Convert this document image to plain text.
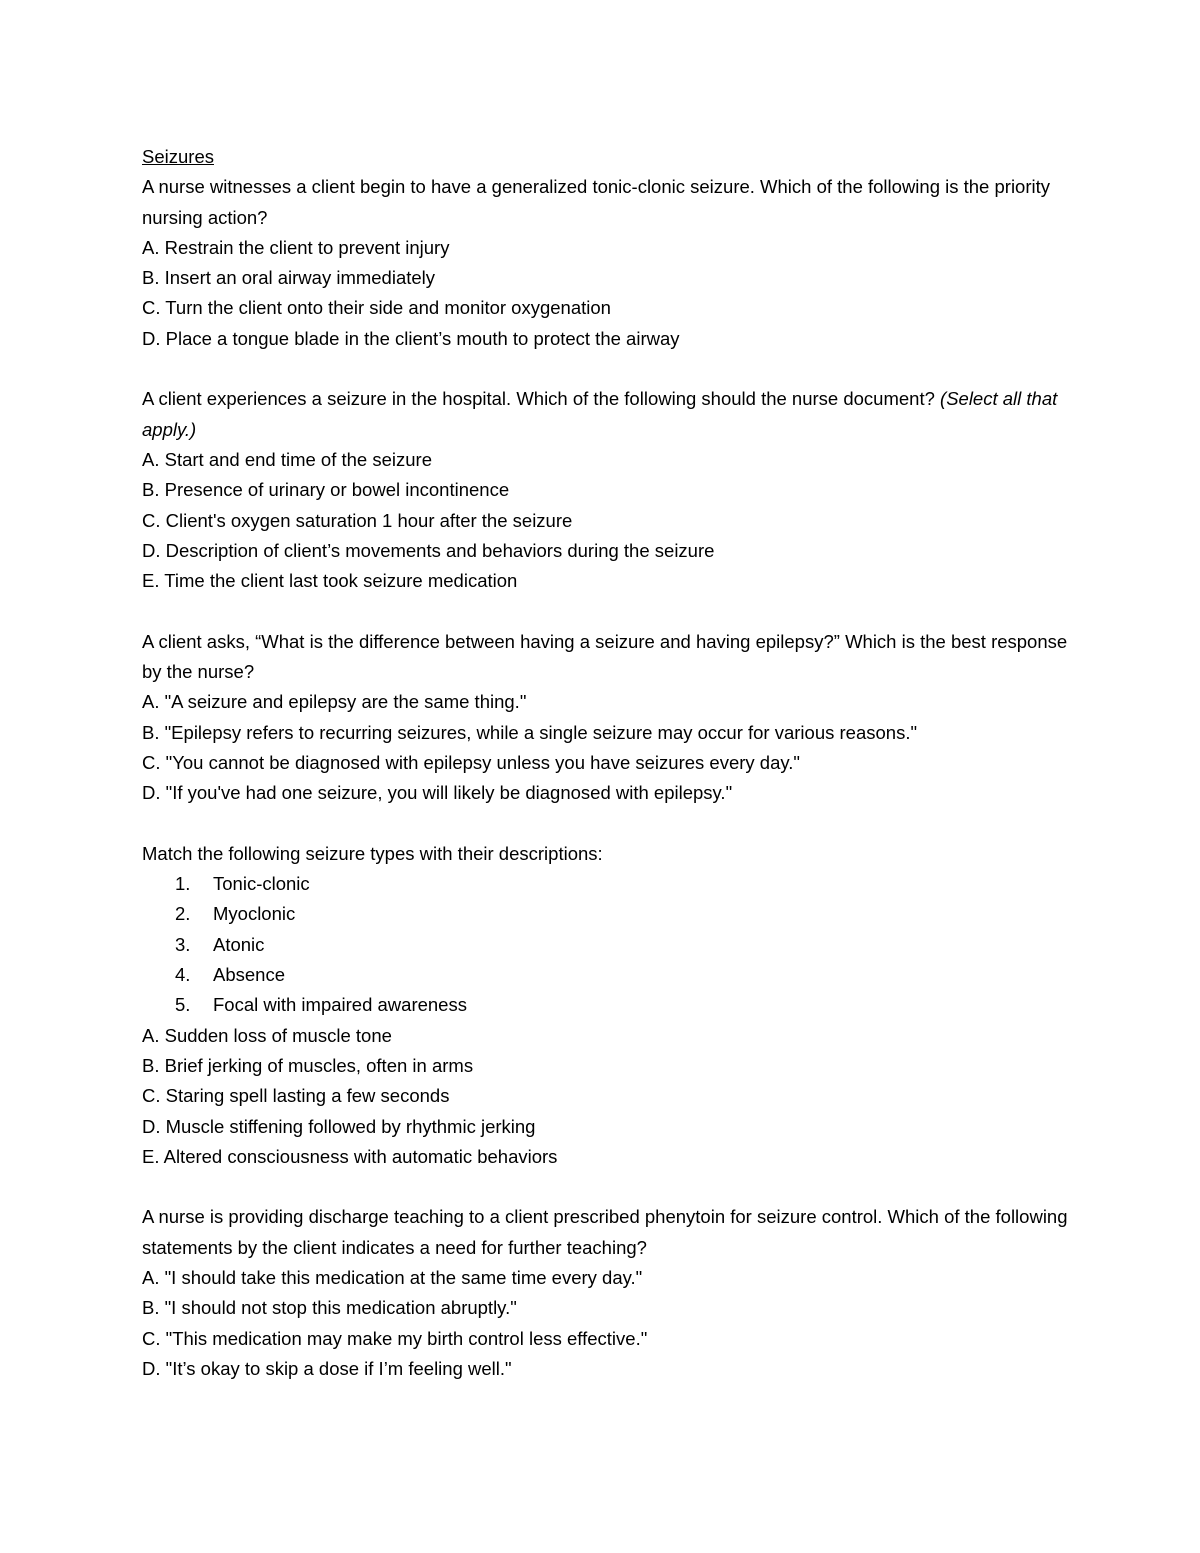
Seizures
A nurse witnesses a client begin to have a generalized tonic-clonic seizure. Which of the following is the priority nursing action?
A. Restrain the client to prevent injury
B. Insert an oral airway immediately
C. Turn the client onto their side and monitor oxygenation
D. Place a tongue blade in the client’s mouth to protect the airway
A client experiences a seizure in the hospital. Which of the following should the nurse document? (Select all that apply.)
A. Start and end time of the seizure
B. Presence of urinary or bowel incontinence
C. Client's oxygen saturation 1 hour after the seizure
D. Description of client’s movements and behaviors during the seizure
E. Time the client last took seizure medication
A client asks, “What is the difference between having a seizure and having epilepsy?” Which is the best response by the nurse?
A. "A seizure and epilepsy are the same thing."
B. "Epilepsy refers to recurring seizures, while a single seizure may occur for various reasons."
C. "You cannot be diagnosed with epilepsy unless you have seizures every day."
D. "If you've had one seizure, you will likely be diagnosed with epilepsy."
Match the following seizure types with their descriptions:
1.	Tonic-clonic
2.	Myoclonic
3.	Atonic
4.	Absence
5.	Focal with impaired awareness
A. Sudden loss of muscle tone
B. Brief jerking of muscles, often in arms
C. Staring spell lasting a few seconds
D. Muscle stiffening followed by rhythmic jerking
E. Altered consciousness with automatic behaviors
A nurse is providing discharge teaching to a client prescribed phenytoin for seizure control. Which of the following statements by the client indicates a need for further teaching?
A. "I should take this medication at the same time every day."
B. "I should not stop this medication abruptly."
C. "This medication may make my birth control less effective."
D. "It’s okay to skip a dose if I’m feeling well."
